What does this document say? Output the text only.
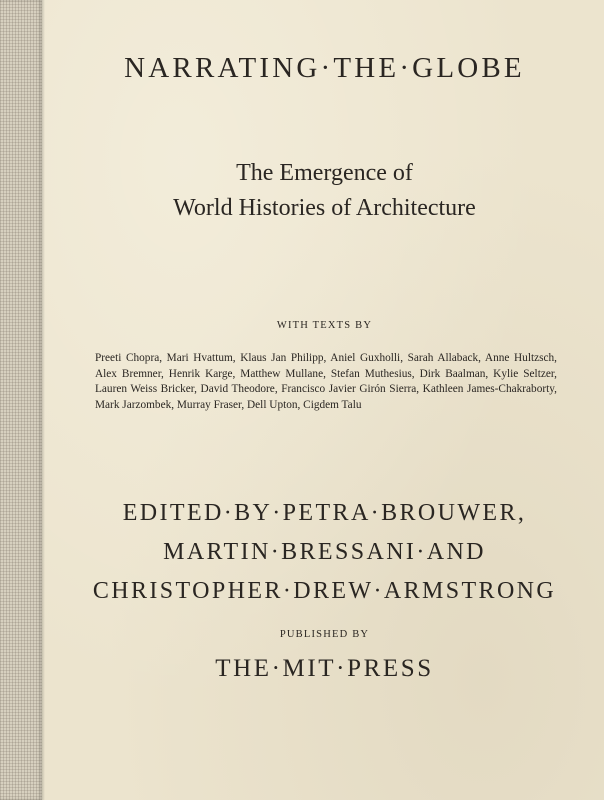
NARRATING·THE·GLOBE
The Emergence of
World Histories of Architecture
WITH TEXTS BY
Preeti Chopra, Mari Hvattum, Klaus Jan Philipp, Aniel Guxholli, Sarah Allaback, Anne Hultzsch, Alex Bremner, Henrik Karge, Matthew Mullane, Stefan Muthesius, Dirk Baalman, Kylie Seltzer, Lauren Weiss Bricker, David Theodore, Francisco Javier Girón Sierra, Kathleen James-Chakraborty, Mark Jarzombek, Murray Fraser, Dell Upton, Cigdem Talu
EDITED·BY·PETRA·BROUWER,
MARTIN·BRESSANI·AND
CHRISTOPHER·DREW·ARMSTRONG
PUBLISHED BY
THE·MIT·PRESS
